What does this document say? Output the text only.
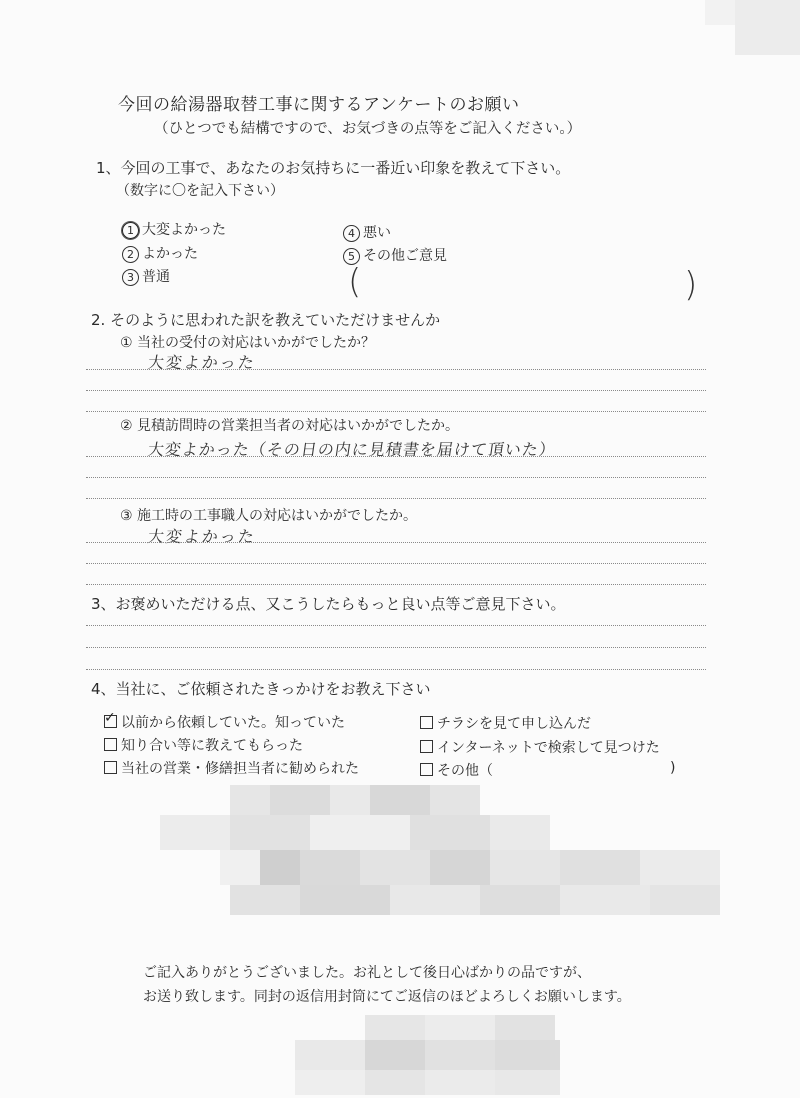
今回の給湯器取替工事に関するアンケートのお願い
（ひとつでも結構ですので、お気づきの点等をご記入ください。）
1、今回の工事で、あなたのお気持ちに一番近い印象を教えて下さい。
（数字に〇を記入下さい）
1 大変よかった
2 よかった
3 普通
4 悪い
5 その他ご意見
(	)
2. そのように思われた訳を教えていただけませんか
① 当社の受付の対応はいかがでしたか？
大変よかった
② 見積訪問時の営業担当者の対応はいかがでしたか。
大変よかった（その日の内に見積書を届けて頂いた）
③ 施工時の工事職人の対応はいかがでしたか。
大変よかった
3、お褒めいただける点、又こうしたらもっと良い点等ご意見下さい。
4、当社に、ご依頼されたきっかけをお教え下さい
✓以前から依頼していた。知っていた
知り合い等に教えてもらった
当社の営業・修繕担当者に勧められた
チラシを見て申し込んだ
インターネットで検索して見つけた
その他（	)
ご記入ありがとうございました。お礼として後日心ばかりの品ですが、
お送り致します。同封の返信用封筒にてご返信のほどよろしくお願いします。
